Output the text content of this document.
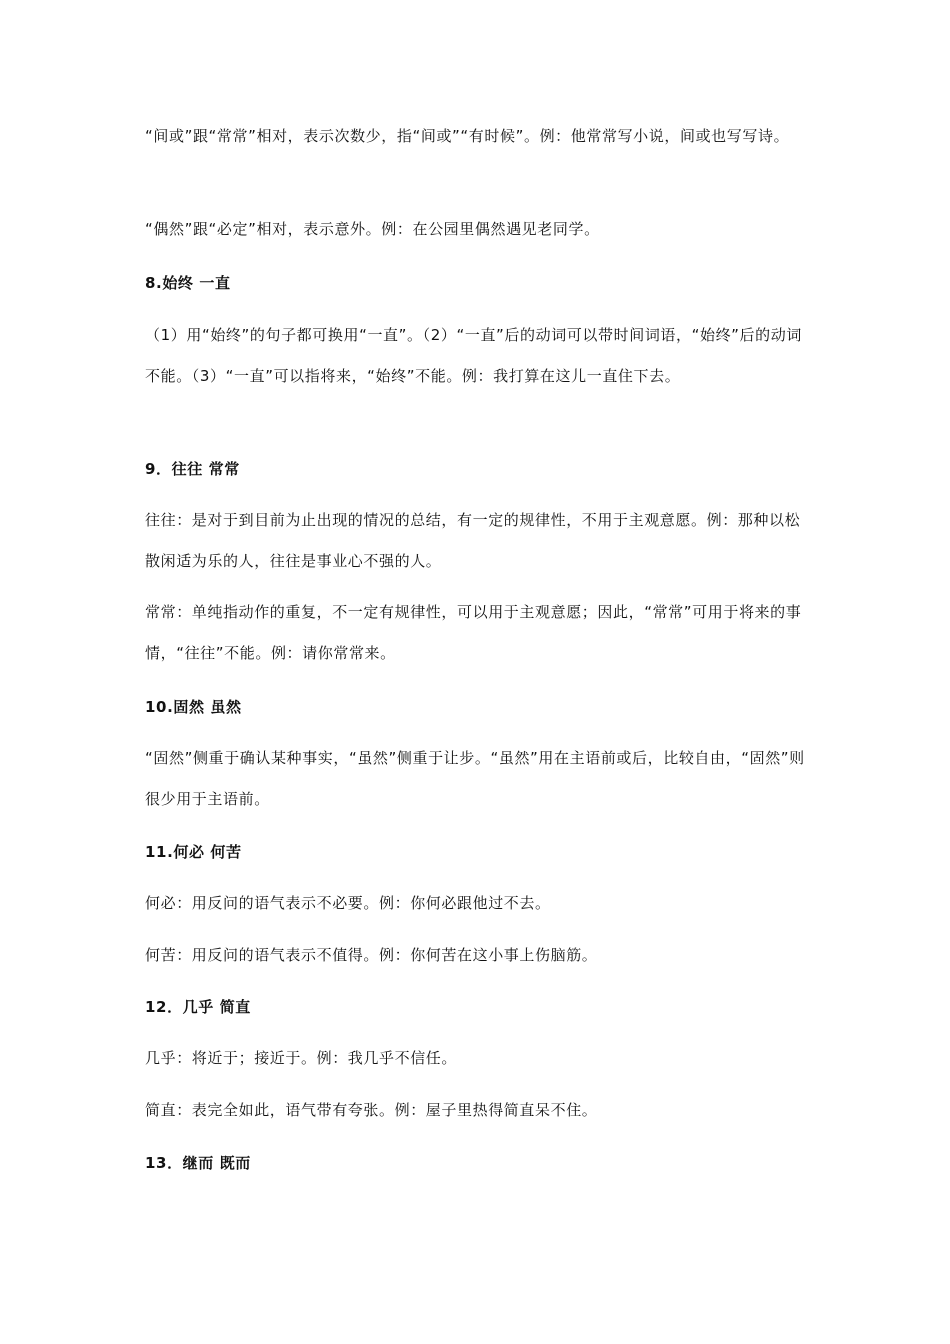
“间或”跟“常常”相对，表示次数少，指“间或”“有时候”。例：他常常写小说，间或也写写诗。

“偶然”跟“必定”相对，表示意外。例：在公园里偶然遇见老同学。

8.始终 一直

（1）用“始终”的句子都可换用“一直”。（2）“一直”后的动词可以带时间词语，“始终”后的动词不能。（3）“一直”可以指将来，“始终”不能。例：我打算在这儿一直住下去。

9．往往 常常

往往：是对于到目前为止出现的情况的总结，有一定的规律性，不用于主观意愿。例：那种以松散闲适为乐的人，往往是事业心不强的人。

常常：单纯指动作的重复，不一定有规律性，可以用于主观意愿；因此，“常常”可用于将来的事情，“往往”不能。例：请你常常来。

10.固然 虽然

“固然”侧重于确认某种事实，“虽然”侧重于让步。“虽然”用在主语前或后，比较自由，“固然”则很少用于主语前。

11.何必 何苦

何必：用反问的语气表示不必要。例：你何必跟他过不去。

何苦：用反问的语气表示不值得。例：你何苦在这小事上伤脑筋。

12．几乎 简直

几乎：将近于；接近于。例：我几乎不信任。

简直：表完全如此，语气带有夸张。例：屋子里热得简直呆不住。

13．继而 既而
